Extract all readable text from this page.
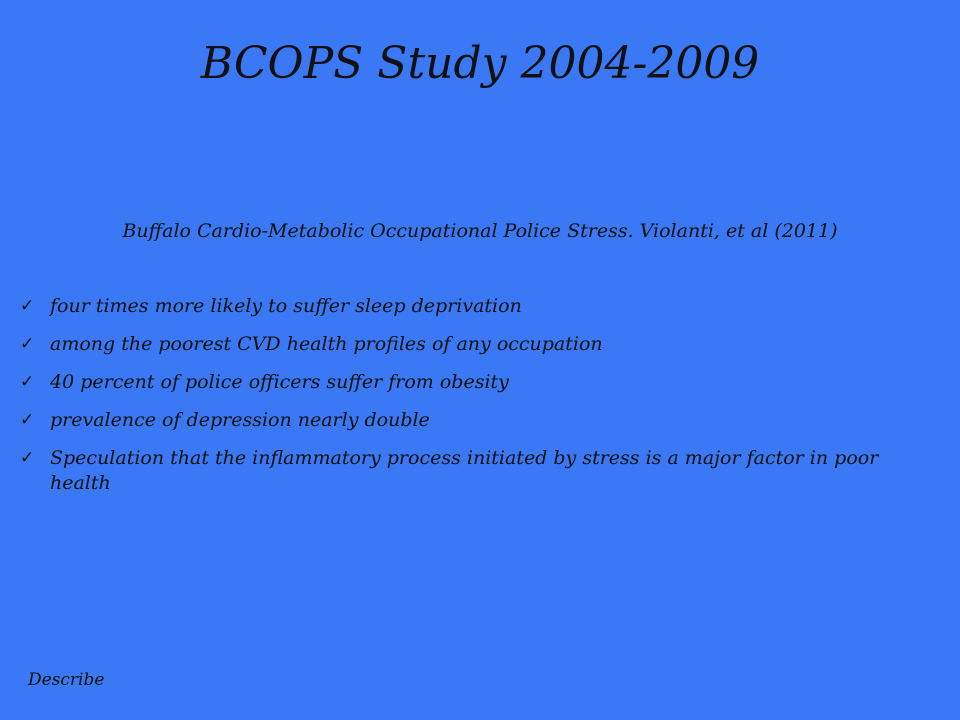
BCOPS Study 2004-2009
Buffalo Cardio-Metabolic Occupational Police Stress. Violanti, et al (2011)
✓ four times more likely to suffer sleep deprivation
✓ among the poorest CVD health profiles of any occupation
✓ 40 percent of police officers suffer from obesity
✓ prevalence of depression nearly double
✓ Speculation that the inflammatory process initiated by stress is a major factor in poor health
Describe
